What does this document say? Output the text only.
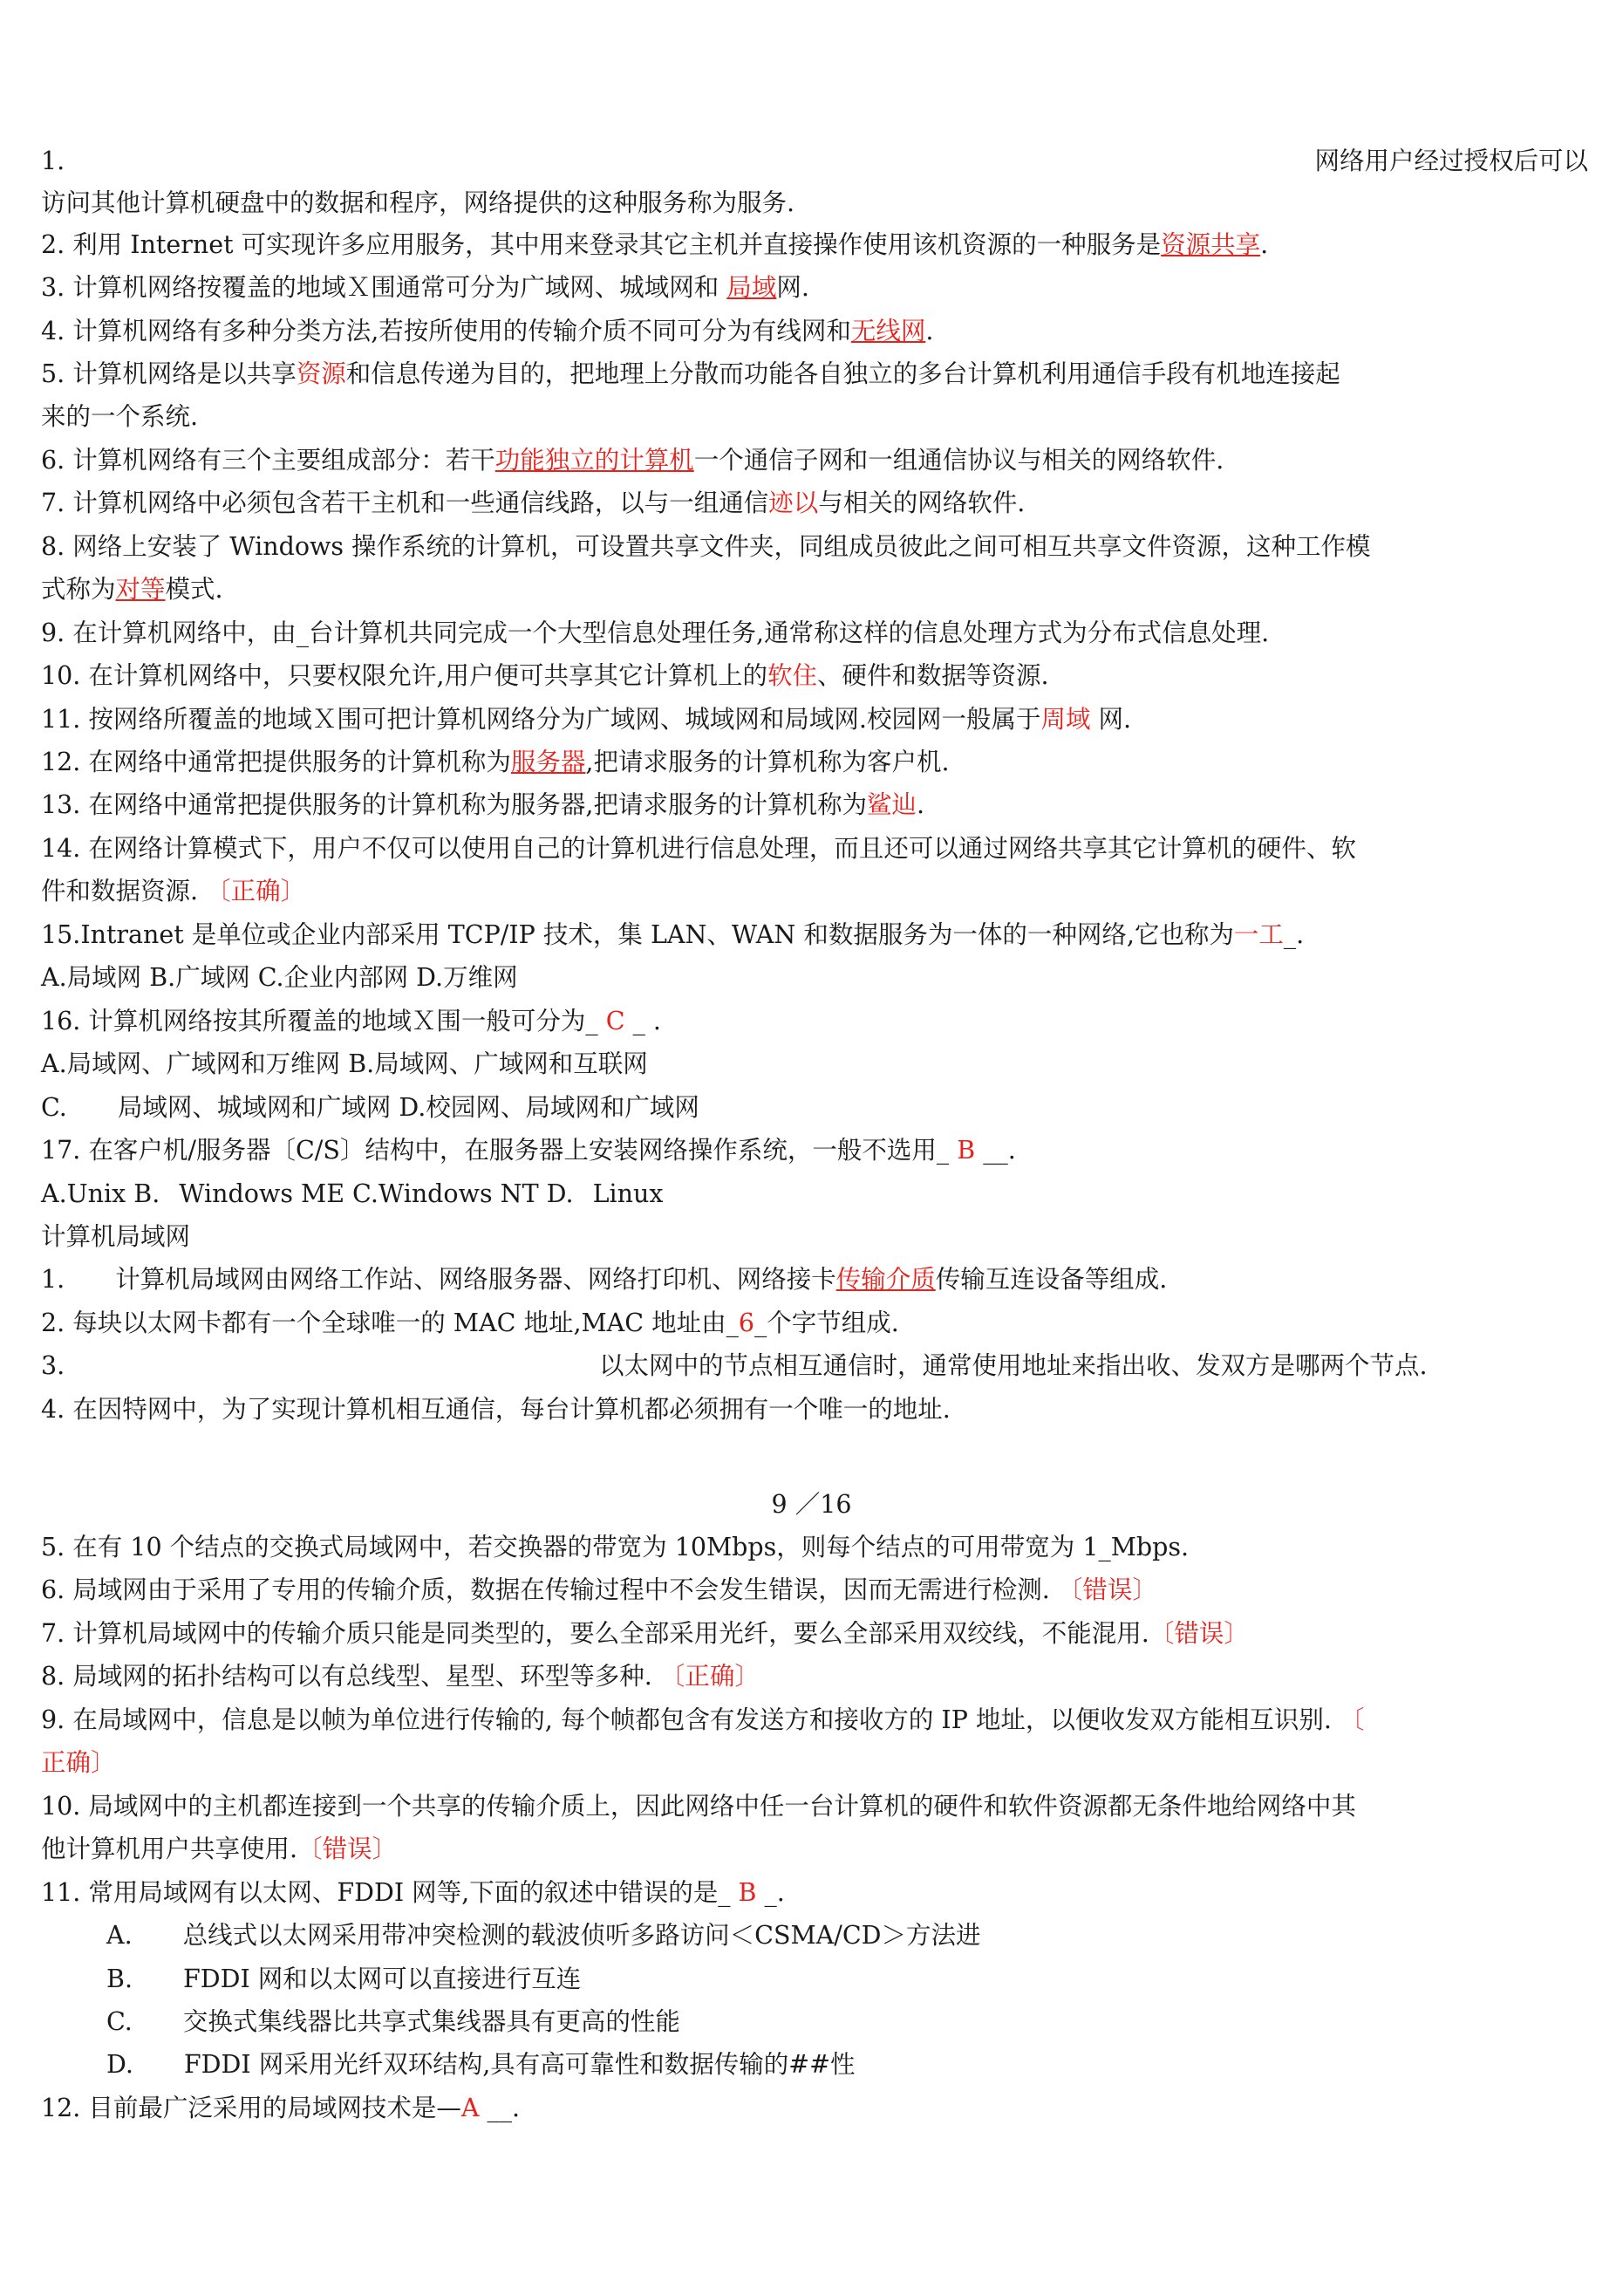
1.	网络用户经过授权后可以
访问其他计算机硬盘中的数据和程序，网络提供的这种服务称为服务.
2. 利用 Internet 可实现许多应用服务，其中用来登录其它主机并直接操作使用该机资源的一种服务是资源共享.
3. 计算机网络按覆盖的地域Ｘ围通常可分为广域网、城域网和 局域网.
4. 计算机网络有多种分类方法,若按所使用的传输介质不同可分为有线网和无线网.
5. 计算机网络是以共享资源和信息传递为目的，把地理上分散而功能各自独立的多台计算机利用通信手段有机地连接起
来的一个系统.
6. 计算机网络有三个主要组成部分：若干功能独立的计算机一个通信子网和一组通信协议与相关的网络软件.
7. 计算机网络中必须包含若干主机和一些通信线路，以与一组通信迹以与相关的网络软件.
8. 网络上安装了 Windows 操作系统的计算机，可设置共享文件夹，同组成员彼此之间可相互共享文件资源，这种工作模
式称为对等模式.
9. 在计算机网络中，由_台计算机共同完成一个大型信息处理任务,通常称这样的信息处理方式为分布式信息处理.
10. 在计算机网络中，只要权限允许,用户便可共享其它计算机上的软住、硬件和数据等资源.
11. 按网络所覆盖的地域Ｘ围可把计算机网络分为广域网、城域网和局域网.校园网一般属于周域 网.
12. 在网络中通常把提供服务的计算机称为服务器,把请求服务的计算机称为客户机.
13. 在网络中通常把提供服务的计算机称为服务器,把请求服务的计算机称为鲨辿.
14. 在网络计算模式下，用户不仅可以使用自己的计算机进行信息处理，而且还可以通过网络共享其它计算机的硬件、软
件和数据资源. 〔正确〕
15.Intranet 是单位或企业内部采用 TCP/IP 技术，集 LAN、WAN 和数据服务为一体的一种网络,它也称为一工_.
A.局域网 B.广域网 C.企业内部网 D.万维网
16. 计算机网络按其所覆盖的地域Ｘ围一般可分为_ C _ .
A.局域网、广域网和万维网 B.局域网、广域网和互联网
C. 局域网、城域网和广域网 D.校园网、局域网和广域网
17. 在客户机/服务器〔C/S〕结构中，在服务器上安装网络操作系统，一般不选用_ B __.
A.Unix B. Windows ME C.Windows NT D. Linux
计算机局域网
1. 计算机局域网由网络工作站、网络服务器、网络打印机、网络接卡传输介质传输互连设备等组成.
2. 每块以太网卡都有一个全球唯一的 MAC 地址,MAC 地址由_6_个字节组成.
3.	以太网中的节点相互通信时，通常使用地址来指出收、发双方是哪两个节点.
4. 在因特网中，为了实现计算机相互通信，每台计算机都必须拥有一个唯一的地址.
9 ／16
5. 在有 10 个结点的交换式局域网中，若交换器的带宽为 10Mbps，则每个结点的可用带宽为 1_Mbps.
6. 局域网由于采用了专用的传输介质，数据在传输过程中不会发生错误，因而无需进行检测. 〔错误〕
7. 计算机局域网中的传输介质只能是同类型的，要么全部采用光纤，要么全部采用双绞线，不能混用.〔错误〕
8. 局域网的拓扑结构可以有总线型、星型、环型等多种. 〔正确〕
9. 在局域网中，信息是以帧为单位进行传输的, 每个帧都包含有发送方和接收方的 IP 地址，以便收发双方能相互识别. 〔
正确〕
10. 局域网中的主机都连接到一个共享的传输介质上，因此网络中任一台计算机的硬件和软件资源都无条件地给网络中其
他计算机用户共享使用.〔错误〕
11. 常用局域网有以太网、FDDI 网等,下面的叙述中错误的是_ B _.
A. 总线式以太网采用带冲突检测的载波侦听多路访问＜CSMA/CD＞方法进
B. FDDI 网和以太网可以直接进行互连
C. 交换式集线器比共享式集线器具有更高的性能
D. FDDI 网采用光纤双环结构,具有高可靠性和数据传输的##性
12. 目前最广泛采用的局域网技术是—A __.
